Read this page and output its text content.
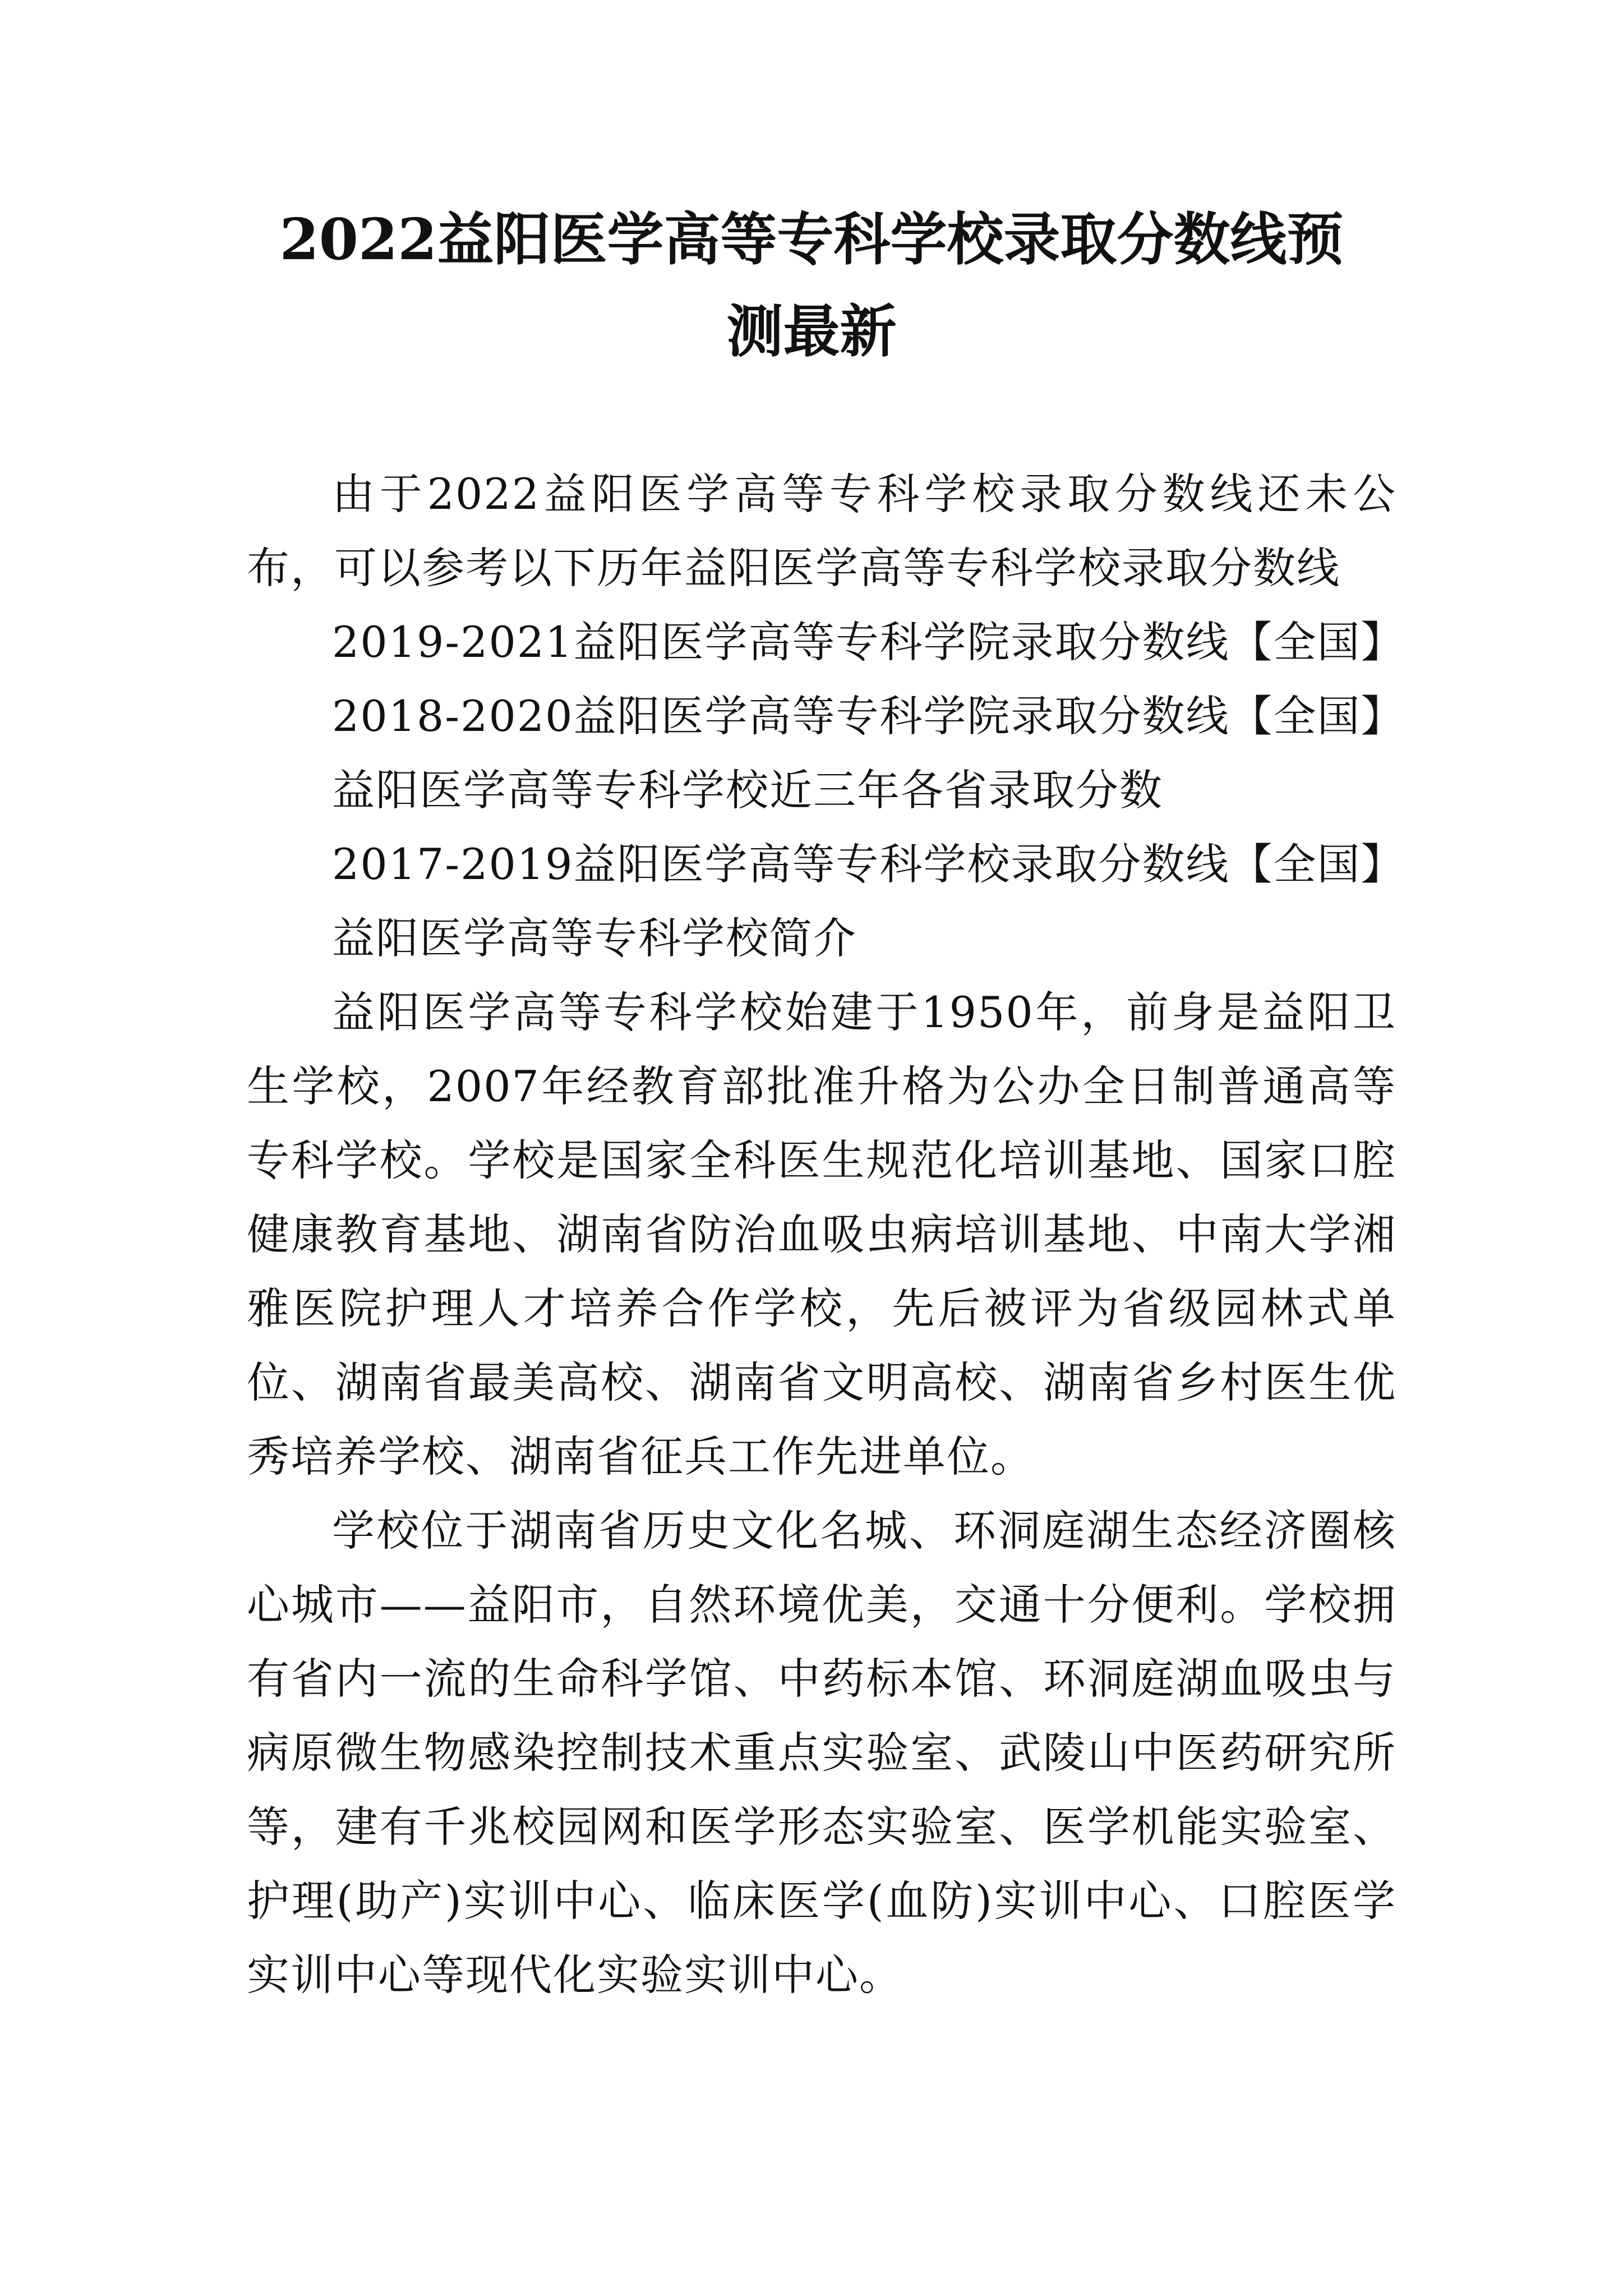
2022益阳医学高等专科学校录取分数线预
测最新

由于2022益阳医学高等专科学校录取分数线还未公布，可以参考以下历年益阳医学高等专科学校录取分数线

2019-2021益阳医学高等专科学院录取分数线【全国】

2018-2020益阳医学高等专科学院录取分数线【全国】

益阳医学高等专科学校近三年各省录取分数

2017-2019益阳医学高等专科学校录取分数线【全国】

益阳医学高等专科学校简介

益阳医学高等专科学校始建于1950年，前身是益阳卫生学校，2007年经教育部批准升格为公办全日制普通高等专科学校。学校是国家全科医生规范化培训基地、国家口腔健康教育基地、湖南省防治血吸虫病培训基地、中南大学湘雅医院护理人才培养合作学校，先后被评为省级园林式单位、湖南省最美高校、湖南省文明高校、湖南省乡村医生优秀培养学校、湖南省征兵工作先进单位。

学校位于湖南省历史文化名城、环洞庭湖生态经济圈核心城市——益阳市，自然环境优美，交通十分便利。学校拥有省内一流的生命科学馆、中药标本馆、环洞庭湖血吸虫与病原微生物感染控制技术重点实验室、武陵山中医药研究所等，建有千兆校园网和医学形态实验室、医学机能实验室、护理(助产)实训中心、临床医学(血防)实训中心、口腔医学实训中心等现代化实验实训中心。
